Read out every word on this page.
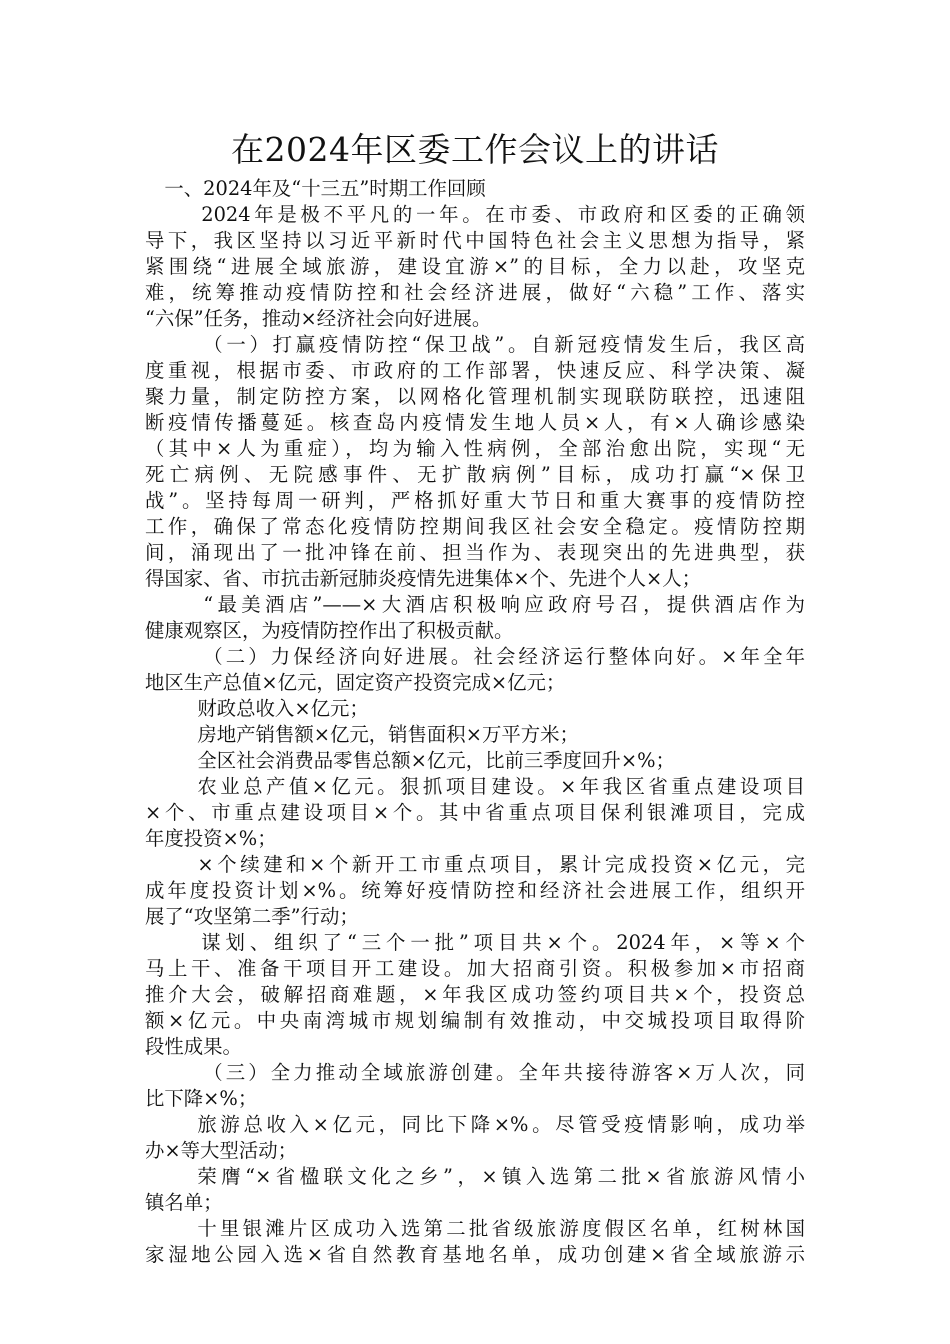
在2024年区委工作会议上的讲话
一、2024年及“十三五”时期工作回顾
2024年是极不平凡的一年。在市委、市政府和区委的正确领
导下，我区坚持以习近平新时代中国特色社会主义思想为指导，紧
紧围绕“进展全域旅游，建设宜游×”的目标，全力以赴，攻坚克
难，统筹推动疫情防控和社会经济进展，做好“六稳”工作、落实
“六保”任务，推动×经济社会向好进展。
（一）打赢疫情防控“保卫战”。自新冠疫情发生后，我区高
度重视，根据市委、市政府的工作部署，快速反应、科学决策、凝
聚力量，制定防控方案，以网格化管理机制实现联防联控，迅速阻
断疫情传播蔓延。核查岛内疫情发生地人员×人，有×人确诊感染
（其中×人为重症），均为输入性病例，全部治愈出院，实现“无
死亡病例、无院感事件、无扩散病例”目标，成功打赢“×保卫
战”。坚持每周一研判，严格抓好重大节日和重大赛事的疫情防控
工作，确保了常态化疫情防控期间我区社会安全稳定。疫情防控期
间，涌现出了一批冲锋在前、担当作为、表现突出的先进典型，获
得国家、省、市抗击新冠肺炎疫情先进集体×个、先进个人×人；
“最美酒店”——×大酒店积极响应政府号召，提供酒店作为
健康观察区，为疫情防控作出了积极贡献。
（二）力保经济向好进展。社会经济运行整体向好。×年全年
地区生产总值×亿元，固定资产投资完成×亿元；
财政总收入×亿元；
房地产销售额×亿元，销售面积×万平方米；
全区社会消费品零售总额×亿元，比前三季度回升×%；
农业总产值×亿元。狠抓项目建设。×年我区省重点建设项目
×个、市重点建设项目×个。其中省重点项目保利银滩项目，完成
年度投资×%；
×个续建和×个新开工市重点项目，累计完成投资×亿元，完
成年度投资计划×%。统筹好疫情防控和经济社会进展工作，组织开
展了“攻坚第二季”行动；
谋划、组织了“三个一批”项目共×个。2024年，×等×个
马上干、准备干项目开工建设。加大招商引资。积极参加×市招商
推介大会，破解招商难题，×年我区成功签约项目共×个，投资总
额×亿元。中央南湾城市规划编制有效推动，中交城投项目取得阶
段性成果。
（三）全力推动全域旅游创建。全年共接待游客×万人次，同
比下降×%；
旅游总收入×亿元，同比下降×%。尽管受疫情影响，成功举
办×等大型活动；
荣膺“×省楹联文化之乡”，×镇入选第二批×省旅游风情小
镇名单；
十里银滩片区成功入选第二批省级旅游度假区名单，红树林国
家湿地公园入选×省自然教育基地名单，成功创建×省全域旅游示
